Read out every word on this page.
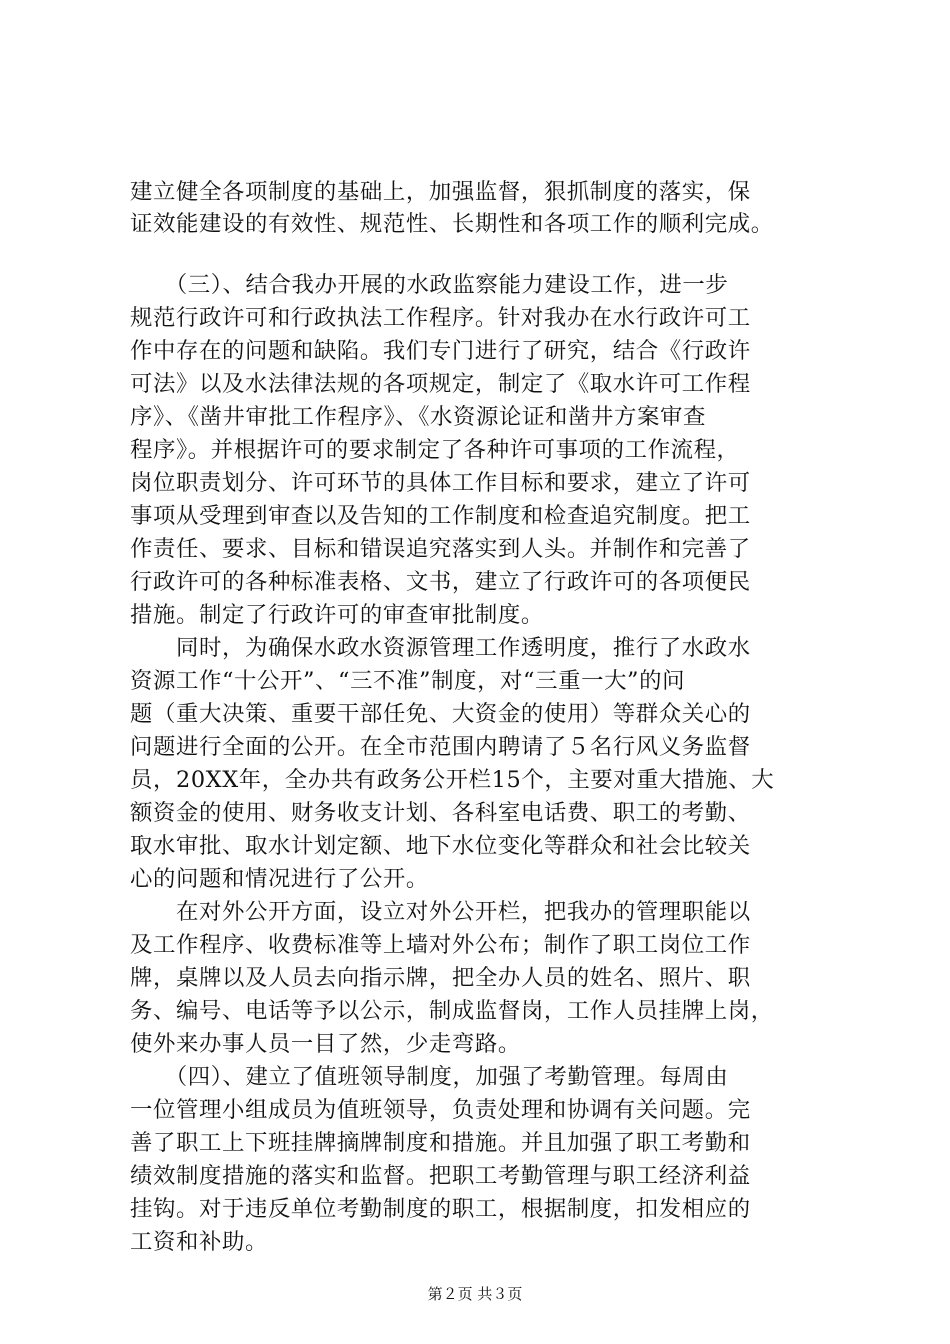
建立健全各项制度的基础上，加强监督，狠抓制度的落实，保
证效能建设的有效性、规范性、长期性和各项工作的顺利完成。
　　（三）、结合我办开展的水政监察能力建设工作，进一步
规范行政许可和行政执法工作程序。针对我办在水行政许可工
作中存在的问题和缺陷。我们专门进行了研究，结合《行政许
可法》以及水法律法规的各项规定，制定了《取水许可工作程
序》、《凿井审批工作程序》、《水资源论证和凿井方案审查
程序》。并根据许可的要求制定了各种许可事项的工作流程，
岗位职责划分、许可环节的具体工作目标和要求，建立了许可
事项从受理到审查以及告知的工作制度和检查追究制度。把工
作责任、要求、目标和错误追究落实到人头。并制作和完善了
行政许可的各种标准表格、文书，建立了行政许可的各项便民
措施。制定了行政许可的审查审批制度。
　　同时，为确保水政水资源管理工作透明度，推行了水政水
资源工作“十公开”、“三不准”制度，对“三重一大”的问
题（重大决策、重要干部任免、大资金的使用）等群众关心的
问题进行全面的公开。在全市范围内聘请了５名行风义务监督
员，20XX年，全办共有政务公开栏15个，主要对重大措施、大
额资金的使用、财务收支计划、各科室电话费、职工的考勤、
取水审批、取水计划定额、地下水位变化等群众和社会比较关
心的问题和情况进行了公开。
　　在对外公开方面，设立对外公开栏，把我办的管理职能以
及工作程序、收费标准等上墙对外公布；制作了职工岗位工作
牌，桌牌以及人员去向指示牌，把全办人员的姓名、照片、职
务、编号、电话等予以公示，制成监督岗，工作人员挂牌上岗，
使外来办事人员一目了然，少走弯路。
　　（四）、建立了值班领导制度，加强了考勤管理。每周由
一位管理小组成员为值班领导，负责处理和协调有关问题。完
善了职工上下班挂牌摘牌制度和措施。并且加强了职工考勤和
绩效制度措施的落实和监督。把职工考勤管理与职工经济利益
挂钩。对于违反单位考勤制度的职工，根据制度，扣发相应的
工资和补助。
第２页 共３页
